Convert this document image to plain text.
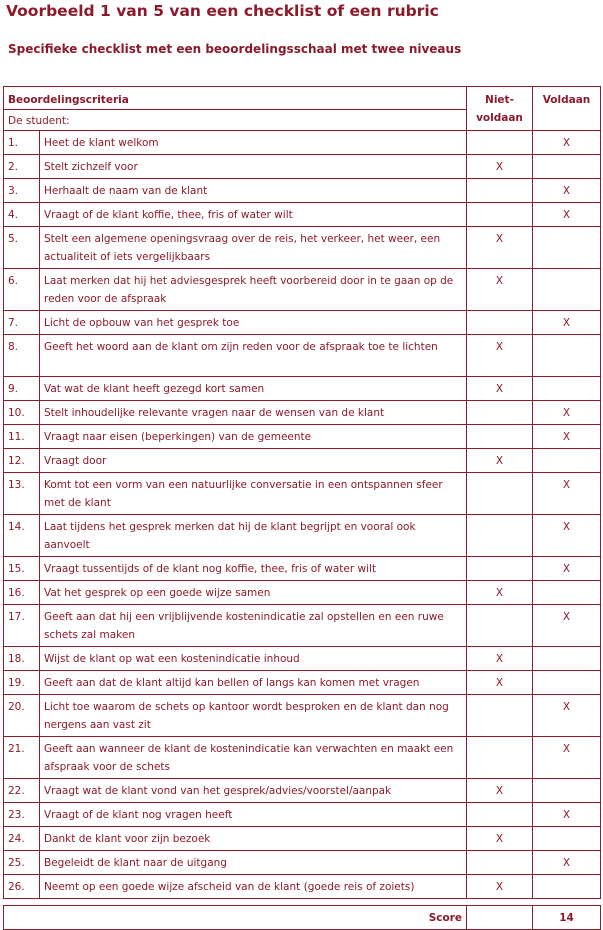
Voorbeeld 1 van 5 van een checklist of een rubric
Specifieke checklist met een beoordelingsschaal met twee niveaus
Beoordelingscriteria		Niet-voldaan	Voldaan
De student:			
1.	Heet de klant welkom		X
2.	Stelt zichzelf voor	X	
3.	Herhaalt de naam van de klant		X
4.	Vraagt of de klant koffie, thee, fris of water wilt		X
5.	Stelt een algemene openingsvraag over de reis, het verkeer, het weer, een actualiteit of iets vergelijkbaars	X	
6.	Laat merken dat hij het adviesgesprek heeft voorbereid door in te gaan op de reden voor de afspraak	X	
7.	Licht de opbouw van het gesprek toe		X
8.	Geeft het woord aan de klant om zijn reden voor de afspraak toe te lichten	X	
9.	Vat wat de klant heeft gezegd kort samen	X	
10.	Stelt inhoudelijke relevante vragen naar de wensen van de klant		X
11.	Vraagt naar eisen (beperkingen) van de gemeente		X
12.	Vraagt door	X	
13.	Komt tot een vorm van een natuurlijke conversatie in een ontspannen sfeer met de klant		X
14.	Laat tijdens het gesprek merken dat hij de klant begrijpt en vooral ook aanvoelt		X
15.	Vraagt tussentijds of de klant nog koffie, thee, fris of water wilt		X
16.	Vat het gesprek op een goede wijze samen	X	
17.	Geeft aan dat hij een vrijblijvende kostenindicatie zal opstellen en een ruwe schets zal maken		X
18.	Wijst de klant op wat een kostenindicatie inhoud	X	
19.	Geeft aan dat de klant altijd kan bellen of langs kan komen met vragen	X	
20.	Licht toe waarom de schets op kantoor wordt besproken en de klant dan nog nergens aan vast zit		X
21.	Geeft aan wanneer de klant de kostenindicatie kan verwachten en maakt een afspraak voor de schets		X
22.	Vraagt wat de klant vond van het gesprek/advies/voorstel/aanpak	X	
23.	Vraagt of de klant nog vragen heeft		X
24.	Dankt de klant voor zijn bezoek	X	
25.	Begeleidt de klant naar de uitgang		X
26.	Neemt op een goede wijze afscheid van de klant (goede reis of zoiets)	X	
Score		14
